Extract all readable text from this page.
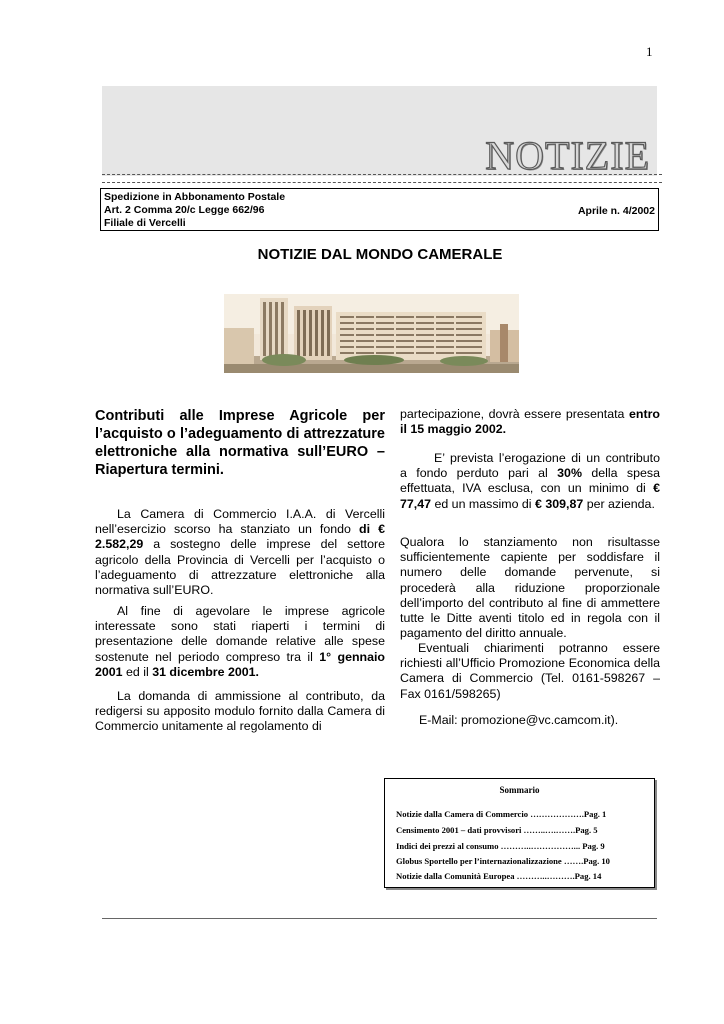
1
NOTIZIE
Spedizione in Abbonamento Postale
Art. 2 Comma 20/c Legge 662/96
Filiale di Vercelli
Aprile n. 4/2002
NOTIZIE DAL MONDO CAMERALE
Contributi alle Imprese Agricole per l’acquisto o l’adeguamento di attrezzature elettroniche alla normativa sull’EURO – Riapertura termini.

La Camera di Commercio I.A.A. di Vercelli nell’esercizio scorso ha stanziato un fondo di € 2.582,29 a sostegno delle imprese del settore agricolo della Provincia di Vercelli per l’acquisto o l’adeguamento di attrezzature elettroniche alla normativa sull’EURO.

Al fine di agevolare le imprese agricole interessate sono stati riaperti i termini di presentazione delle domande relative alle spese sostenute nel periodo compreso tra il 1° gennaio 2001 ed il 31 dicembre 2001.

La domanda di ammissione al contributo, da redigersi su apposito modulo fornito dalla Camera di Commercio unitamente al regolamento di

partecipazione, dovrà essere presentata entro il 15 maggio 2002.

E’ prevista l’erogazione di un contributo a fondo perduto pari al 30% della spesa effettuata, IVA esclusa, con un minimo di € 77,47 ed un massimo di € 309,87 per azienda.

Qualora lo stanziamento non risultasse sufficientemente capiente per soddisfare il numero delle domande pervenute, si procederà alla riduzione proporzionale dell’importo del contributo al fine di ammettere tutte le Ditte aventi titolo ed in regola con il pagamento del diritto annuale.

Eventuali chiarimenti potranno essere richiesti all’Ufficio Promozione Economica della Camera di Commercio (Tel. 0161-598267 – Fax 0161/598265)

E-Mail: promozione@vc.camcom.it).

Sommario
Notizie dalla Camera di Commercio ……………….Pag. 1
Censimento 2001 – dati provvisori ……..….…….Pag. 5
Indici dei prezzi al consumo ………..……………... Pag. 9
Globus Sportello per l’internazionalizzazione …….Pag. 10
Notizie dalla Comunità Europea ………..……….Pag. 14
